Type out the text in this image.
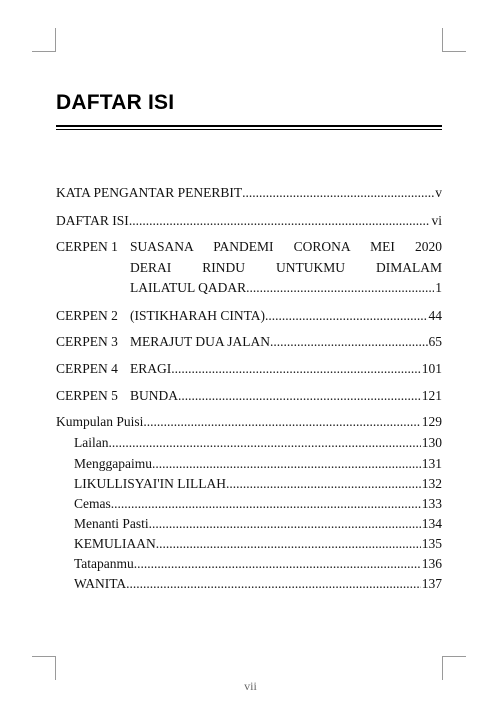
DAFTAR ISI
KATA PENGANTAR PENERBIT .....	v
DAFTAR ISI .....	vi
CERPEN 1 SUASANA PANDEMI CORONA MEI 2020
DERAI RINDU UNTUKMU DIMALAM
LAILATUL QADAR .....	1
CERPEN 2 (ISTIKHARAH CINTA) .....	44
CERPEN 3 MERAJUT DUA JALAN .....	65
CERPEN 4 ERAGI .....	101
CERPEN 5 BUNDA .....	121
Kumpulan Puisi .....	129
Lailan .....	130
Menggapaimu .....	131
LIKULLISYAI'IN LILLAH .....	132
Cemas .....	133
Menanti Pasti .....	134
KEMULIAAN .....	135
Tatapanmu .....	136
WANITA .....	137
vii
